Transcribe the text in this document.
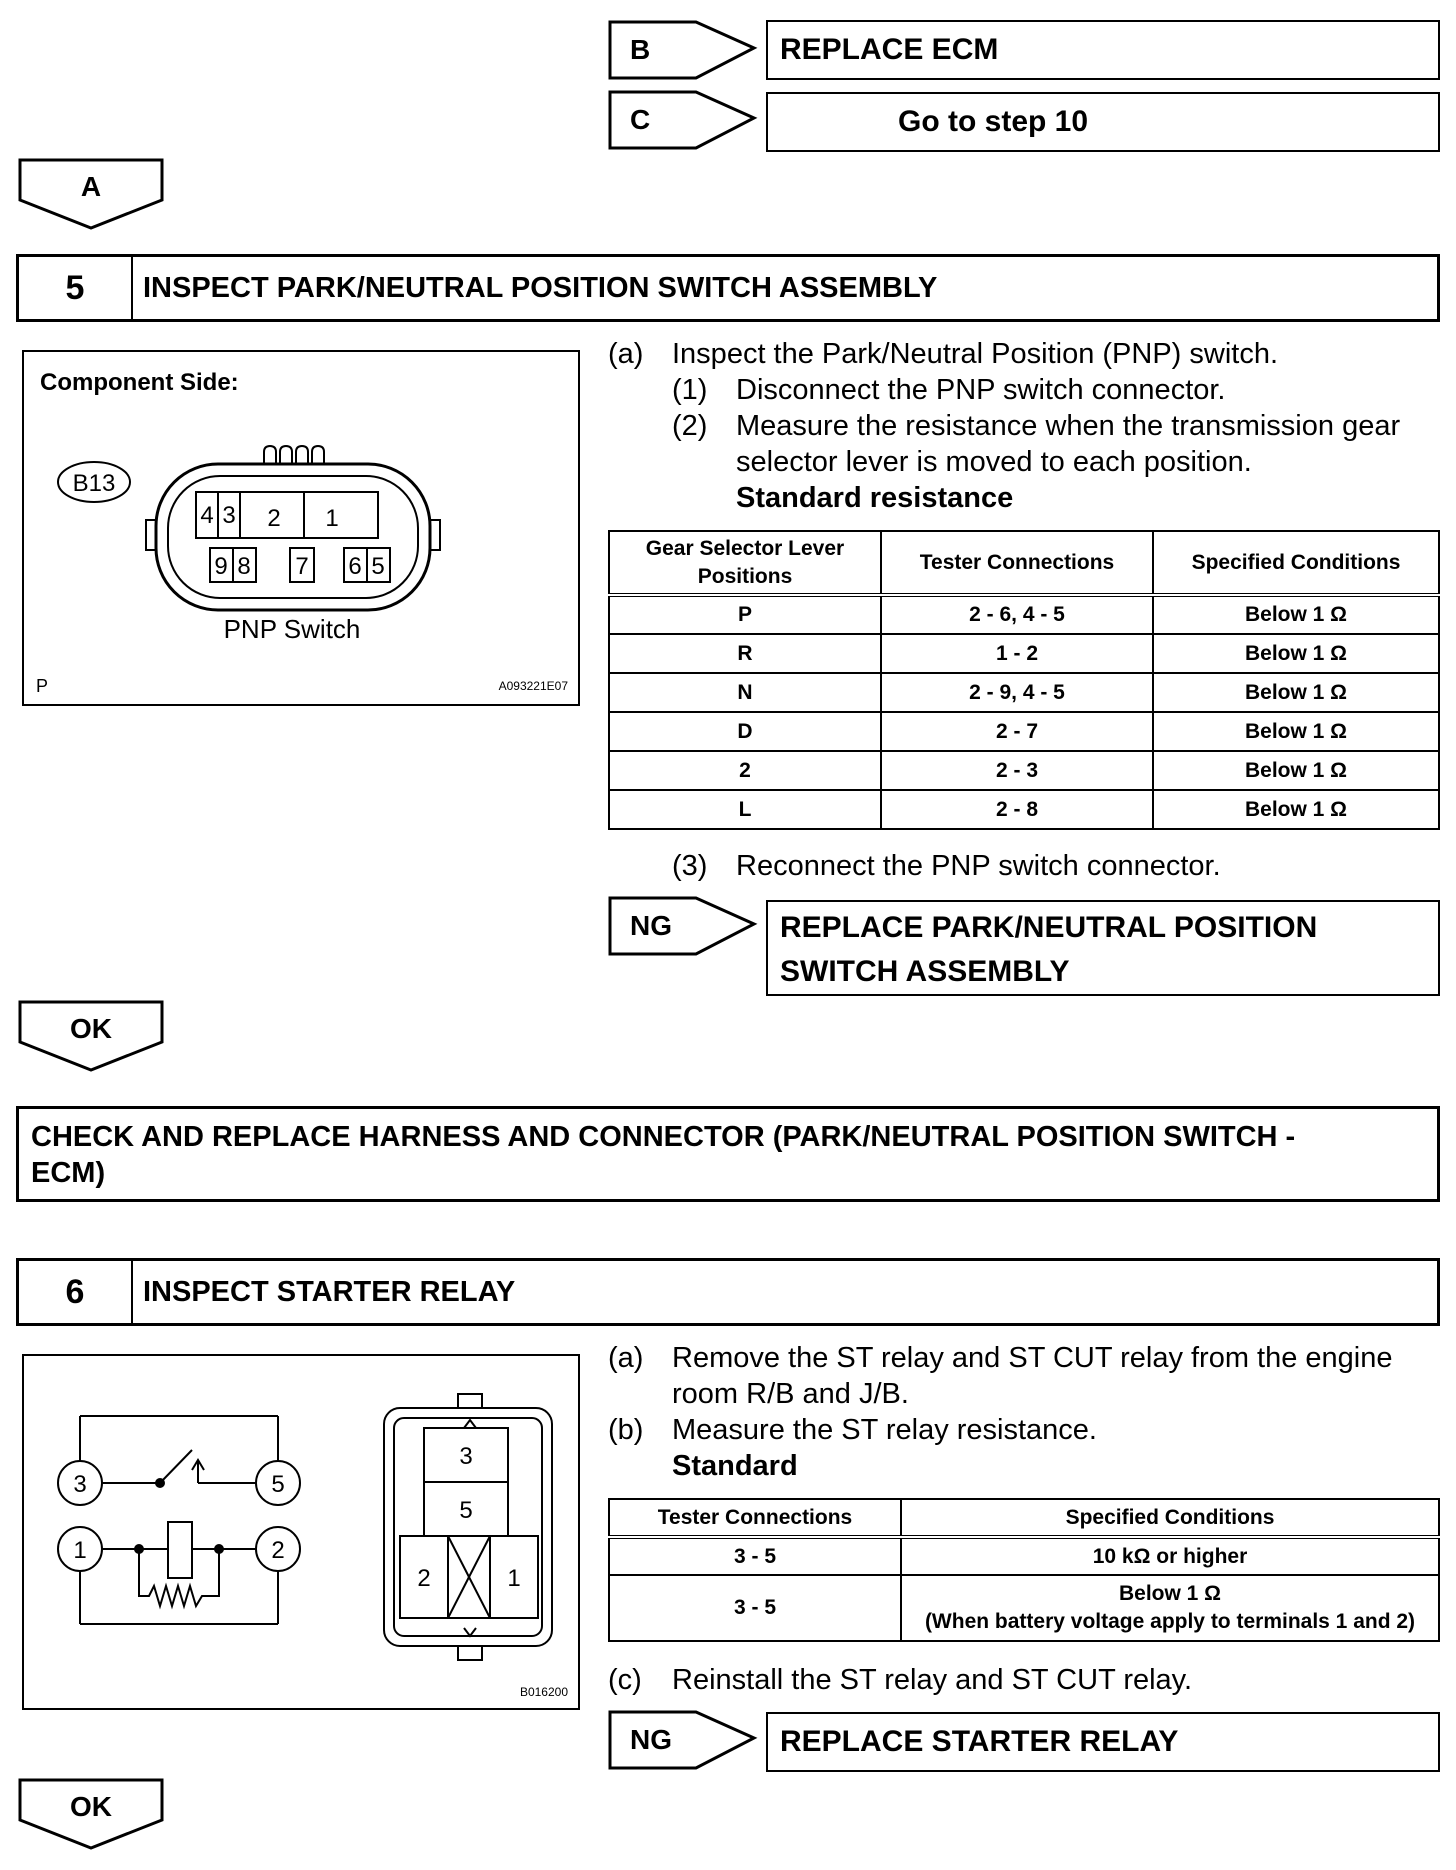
B	REPLACE ECM
C	Go to step 10
A
5	INSPECT PARK/NEUTRAL POSITION SWITCH ASSEMBLY
Component Side:
B13
4 3 2 1
9 8 7 6 5
PNP Switch
P	A093221E07
(a) Inspect the Park/Neutral Position (PNP) switch.
(1) Disconnect the PNP switch connector.
(2) Measure the resistance when the transmission gear
selector lever is moved to each position.
Standard resistance
Gear Selector Lever Positions	Tester Connections	Specified Conditions
P	2 - 6, 4 - 5	Below 1 Ω
R	1 - 2	Below 1 Ω
N	2 - 9, 4 - 5	Below 1 Ω
D	2 - 7	Below 1 Ω
2	2 - 3	Below 1 Ω
L	2 - 8	Below 1 Ω
(3) Reconnect the PNP switch connector.
NG	REPLACE PARK/NEUTRAL POSITION
SWITCH ASSEMBLY
OK
CHECK AND REPLACE HARNESS AND CONNECTOR (PARK/NEUTRAL POSITION SWITCH -
ECM)
6	INSPECT STARTER RELAY
3	5
1	2
3
5
2	1
B016200
(a) Remove the ST relay and ST CUT relay from the engine
room R/B and J/B.
(b) Measure the ST relay resistance.
Standard
Tester Connections	Specified Conditions
3 - 5	10 kΩ or higher
3 - 5	Below 1 Ω
(When battery voltage apply to terminals 1 and 2)
(c) Reinstall the ST relay and ST CUT relay.
NG	REPLACE STARTER RELAY
OK
